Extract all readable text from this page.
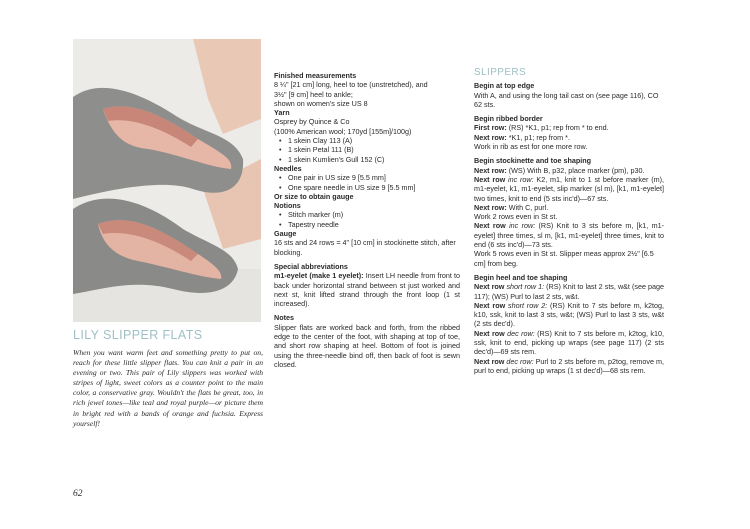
LILY SLIPPER FLATS
When you want warm feet and something pretty to put on, reach for these little slipper flats. You can knit a pair in an evening or two. This pair of Lily slippers was worked with stripes of light, sweet colors as a counter point to the main color, a conservative gray. Wouldn't the flats be great, too, in rich jewel tones—like teal and royal purple—or picture them in bright red with a bands of orange and fuchsia. Express yourself!
62

Finished measurements

8 ¼" [21 cm] long, heel to toe (unstretched), and

3½" [9 cm] heel to ankle;

shown on women's size US 8

Yarn

Osprey by Quince & Co

(100% American wool; 170yd [155m]/100g)

• 1 skein Clay 113 (A)
• 1 skein Petal 111 (B)
• 1 skein Kumlien's Gull 152 (C)

Needles

• One pair in US size 9 [5.5 mm]
• One spare needle in US size 9 [5.5 mm]

Or size to obtain gauge

Notions

• Stitch marker (m)
• Tapestry needle

Gauge

16 sts and 24 rows = 4" [10 cm] in stockinette stitch, after blocking.

Special abbreviations

m1-eyelet (make 1 eyelet): Insert LH needle from front to back under horizontal strand between st just worked and next st, knit lifted strand through the front loop (1 st increased).

Notes

Slipper flats are worked back and forth, from the ribbed edge to the center of the foot, with shaping at top of toe, and short row shaping at heel. Bottom of foot is joined using the three-needle bind off, then back of foot is sewn closed.

SLIPPERS

Begin at top edge

With A, and using the long tail cast on (see page 116), CO 62 sts.

Begin ribbed border

First row: (RS) *K1, p1; rep from * to end.

Next row: *K1, p1; rep from *.

Work in rib as est for one more row.

Begin stockinette and toe shaping

Next row: (WS) With B, p32, place marker (pm), p30.

Next row inc row: K2, m1, knit to 1 st before marker (m), m1-eyelet, k1, m1-eyelet, slip marker (sl m), [k1, m1-eyelet] two times, knit to end (5 sts inc'd)—67 sts.

Next row: With C, purl.

Work 2 rows even in St st.

Next row inc row: (RS) Knit to 3 sts before m, [k1, m1-eyelet] three times, sl m, [k1, m1-eyelet] three times, knit to end (6 sts inc'd)—73 sts.

Work 5 rows even in St st. Slipper meas approx 2½" [6.5 cm] from beg.

Begin heel and toe shaping

Next row short row 1: (RS) Knit to last 2 sts, w&t (see page 117); (WS) Purl to last 2 sts, w&t.

Next row short row 2: (RS) Knit to 7 sts before m, k2tog, k10, ssk, knit to last 3 sts, w&t; (WS) Purl to last 3 sts, w&t (2 sts dec'd).

Next row dec row: (RS) Knit to 7 sts before m, k2tog, k10, ssk, knit to end, picking up wraps (see page 117) (2 sts dec'd)—69 sts rem.

Next row dec row: Purl to 2 sts before m, p2tog, remove m, purl to end, picking up wraps (1 st dec'd)—68 sts rem.
